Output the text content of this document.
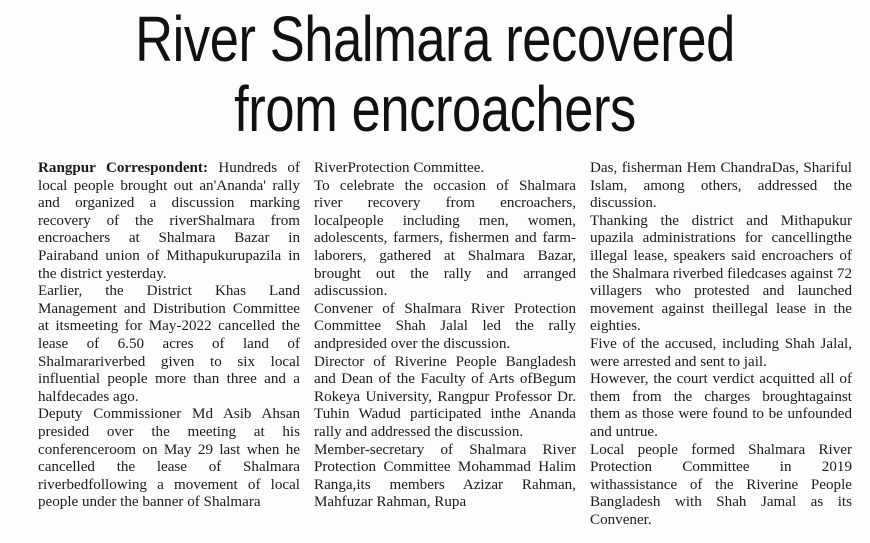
River Shalmara recovered from encroachers

Rangpur Correspondent: Hundreds of local people brought out an'Ananda' rally and organized a discussion marking recovery of the riverShalmara from encroachers at Shalmara Bazar in Pairaband union of Mithapukurupazila in the district yesterday.

Earlier, the District Khas Land Management and Distribution Committee at itsmeeting for May-2022 cancelled the lease of 6.50 acres of land of Shalmarariverbed given to six local influential people more than three and a halfdecades ago.

Deputy Commissioner Md Asib Ahsan presided over the meeting at his conferenceroom on May 29 last when he cancelled the lease of Shalmara riverbedfollowing a movement of local people under the banner of Shalmara

RiverProtection Committee.

To celebrate the occasion of Shalmara river recovery from encroachers, localpeople including men, women, adolescents, farmers, fishermen and farm-laborers, gathered at Shalmara Bazar, brought out the rally and arranged adiscussion.

Convener of Shalmara River Protection Committee Shah Jalal led the rally andpresided over the discussion.

Director of Riverine People Bangladesh and Dean of the Faculty of Arts ofBegum Rokeya University, Rangpur Professor Dr. Tuhin Wadud participated inthe Ananda rally and addressed the discussion.

Member-secretary of Shalmara River Protection Committee Mohammad Halim Ranga,its members Azizar Rahman, Mahfuzar Rahman, Rupa

Das, fisherman Hem ChandraDas, Shariful Islam, among others, addressed the discussion.

Thanking the district and Mithapukur upazila administrations for cancellingthe illegal lease, speakers said encroachers of the Shalmara riverbed filedcases against 72 villagers who protested and launched movement against theillegal lease in the eighties.

Five of the accused, including Shah Jalal, were arrested and sent to jail.

However, the court verdict acquitted all of them from the charges broughtagainst them as those were found to be unfounded and untrue.

Local people formed Shalmara River Protection Committee in 2019 withassistance of the Riverine People Bangladesh with Shah Jamal as its Convener.
